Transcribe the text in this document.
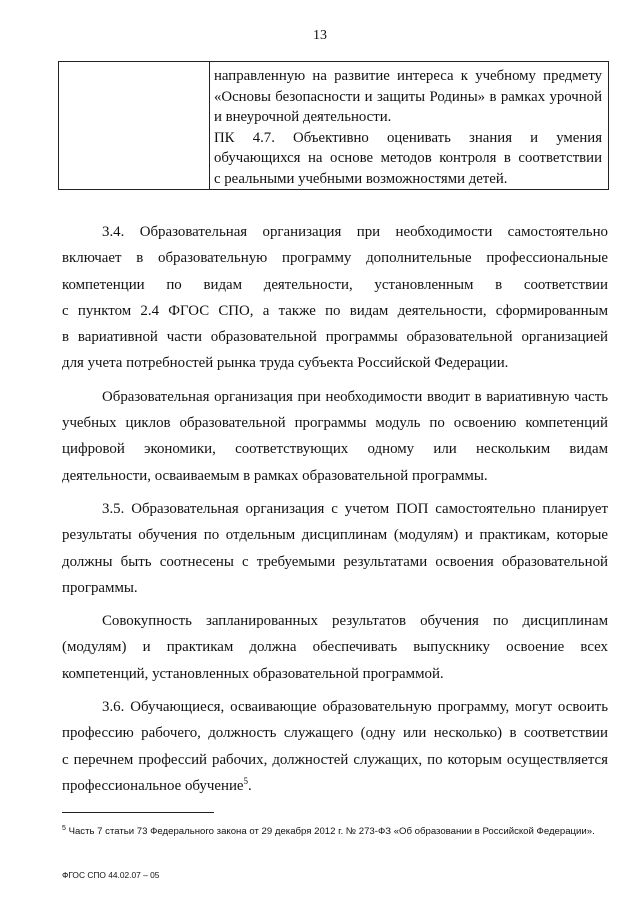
13

направленную на развитие интереса к учебному предмету

«Основы безопасности и защиты Родины» в рамках урочной

и внеурочной деятельности.

ПК 4.7. Объективно оценивать знания и умения

обучающихся на основе методов контроля в соответствии

с реальными учебными возможностями детей.

3.4. Образовательная организация при необходимости самостоятельно
включает в образовательную программу дополнительные профессиональные
компетенции по видам деятельности, установленным в соответствии
с пунктом 2.4 ФГОС СПО, а также по видам деятельности, сформированным
в вариативной части образовательной программы образовательной организацией
для учета потребностей рынка труда субъекта Российской Федерации.

Образовательная организация при необходимости вводит в вариативную часть
учебных циклов образовательной программы модуль по освоению компетенций
цифровой экономики, соответствующих одному или нескольким видам
деятельности, осваиваемым в рамках образовательной программы.

3.5. Образовательная организация с учетом ПОП самостоятельно планирует
результаты обучения по отдельным дисциплинам (модулям) и практикам, которые
должны быть соотнесены с требуемыми результатами освоения образовательной
программы.

Совокупность запланированных результатов обучения по дисциплинам
(модулям) и практикам должна обеспечивать выпускнику освоение всех
компетенций, установленных образовательной программой.

3.6. Обучающиеся, осваивающие образовательную программу, могут освоить
профессию рабочего, должность служащего (одну или несколько) в соответствии
с перечнем профессий рабочих, должностей служащих, по которым осуществляется
профессиональное обучение$^5$.

$^5$ Часть 7 статьи 73 Федерального закона от 29 декабря 2012 г. № 273-ФЗ «Об образовании в Российской Федерации».
ФГОС СПО 44.02.07 – 05
